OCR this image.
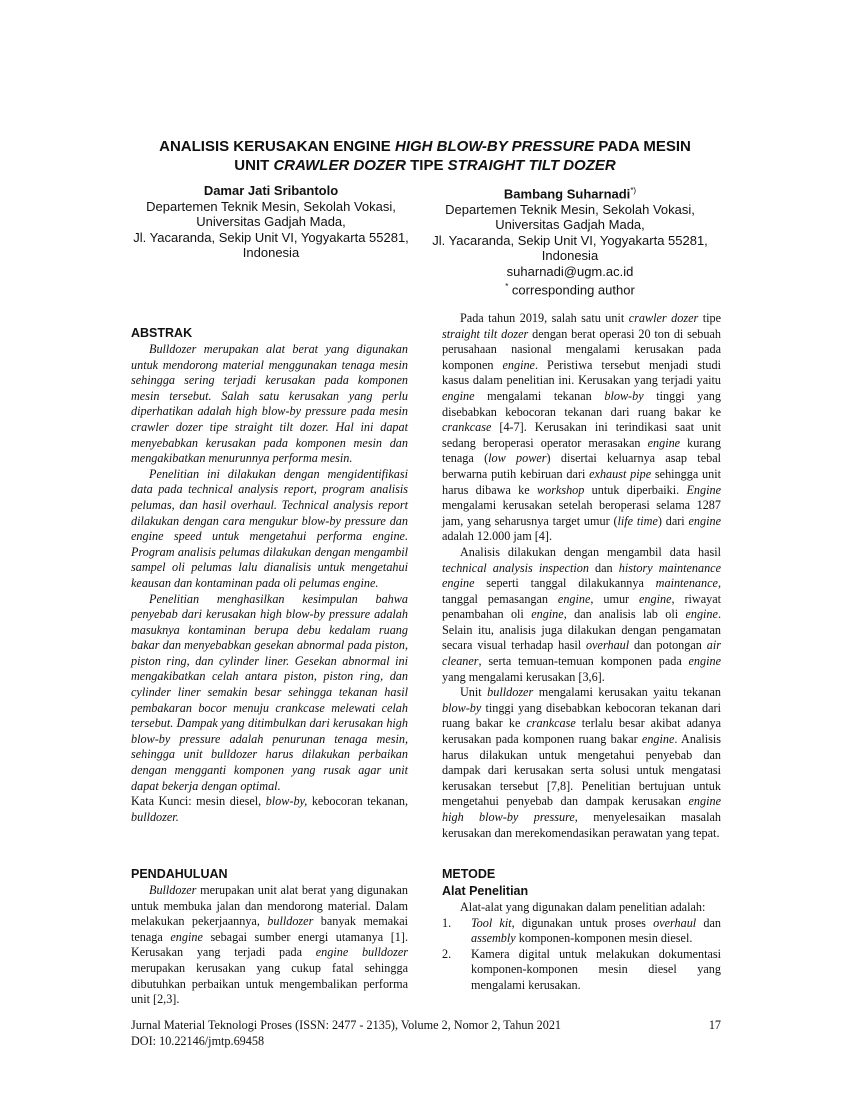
ANALISIS KERUSAKAN ENGINE HIGH BLOW-BY PRESSURE PADA MESIN
UNIT CRAWLER DOZER TIPE STRAIGHT TILT DOZER
Damar Jati Sribantolo
Departemen Teknik Mesin, Sekolah Vokasi,
Universitas Gadjah Mada,
Jl. Yacaranda, Sekip Unit VI, Yogyakarta 55281,
Indonesia
Bambang Suharnadi*)
Departemen Teknik Mesin, Sekolah Vokasi,
Universitas Gadjah Mada,
Jl. Yacaranda, Sekip Unit VI, Yogyakarta 55281,
Indonesia
suharnadi@ugm.ac.id
* corresponding author
ABSTRAK

Bulldozer merupakan alat berat yang digunakan untuk mendorong material menggunakan tenaga mesin sehingga sering terjadi kerusakan pada komponen mesin tersebut. Salah satu kerusakan yang perlu diperhatikan adalah high blow-by pressure pada mesin crawler dozer tipe straight tilt dozer. Hal ini dapat menyebabkan kerusakan pada komponen mesin dan mengakibatkan menurunnya performa mesin.

Penelitian ini dilakukan dengan mengidentifikasi data pada technical analysis report, program analisis pelumas, dan hasil overhaul. Technical analysis report dilakukan dengan cara mengukur blow-by pressure dan engine speed untuk mengetahui performa engine. Program analisis pelumas dilakukan dengan mengambil sampel oli pelumas lalu dianalisis untuk mengetahui keausan dan kontaminan pada oli pelumas engine.

Penelitian menghasilkan kesimpulan bahwa penyebab dari kerusakan high blow-by pressure adalah masuknya kontaminan berupa debu kedalam ruang bakar dan menyebabkan gesekan abnormal pada piston, piston ring, dan cylinder liner. Gesekan abnormal ini mengakibatkan celah antara piston, piston ring, dan cylinder liner semakin besar sehingga tekanan hasil pembakaran bocor menuju crankcase melewati celah tersebut. Dampak yang ditimbulkan dari kerusakan high blow-by pressure adalah penurunan tenaga mesin, sehingga unit bulldozer harus dilakukan perbaikan dengan mengganti komponen yang rusak agar unit dapat bekerja dengan optimal.

Kata Kunci: mesin diesel, blow-by, kebocoran tekanan, bulldozer.

PENDAHULUAN

Bulldozer merupakan unit alat berat yang digunakan untuk membuka jalan dan mendorong material. Dalam melakukan pekerjaannya, bulldozer banyak memakai tenaga engine sebagai sumber energi utamanya [1]. Kerusakan yang terjadi pada engine bulldozer merupakan kerusakan yang cukup fatal sehingga dibutuhkan perbaikan untuk mengembalikan performa unit [2,3].

Pada tahun 2019, salah satu unit crawler dozer tipe straight tilt dozer dengan berat operasi 20 ton di sebuah perusahaan nasional mengalami kerusakan pada komponen engine. Peristiwa tersebut menjadi studi kasus dalam penelitian ini. Kerusakan yang terjadi yaitu engine mengalami tekanan blow-by tinggi yang disebabkan kebocoran tekanan dari ruang bakar ke crankcase [4-7]. Kerusakan ini terindikasi saat unit sedang beroperasi operator merasakan engine kurang tenaga (low power) disertai keluarnya asap tebal berwarna putih kebiruan dari exhaust pipe sehingga unit harus dibawa ke workshop untuk diperbaiki. Engine mengalami kerusakan setelah beroperasi selama 1287 jam, yang seharusnya target umur (life time) dari engine adalah 12.000 jam [4].

Analisis dilakukan dengan mengambil data hasil technical analysis inspection dan history maintenance engine seperti tanggal dilakukannya maintenance, tanggal pemasangan engine, umur engine, riwayat penambahan oli engine, dan analisis lab oli engine. Selain itu, analisis juga dilakukan dengan pengamatan secara visual terhadap hasil overhaul dan potongan air cleaner, serta temuan-temuan komponen pada engine yang mengalami kerusakan [3,6].

Unit bulldozer mengalami kerusakan yaitu tekanan blow-by tinggi yang disebabkan kebocoran tekanan dari ruang bakar ke crankcase terlalu besar akibat adanya kerusakan pada komponen ruang bakar engine. Analisis harus dilakukan untuk mengetahui penyebab dan dampak dari kerusakan serta solusi untuk mengatasi kerusakan tersebut [7,8]. Penelitian bertujuan untuk mengetahui penyebab dan dampak kerusakan engine high blow-by pressure, menyelesaikan masalah kerusakan dan merekomendasikan perawatan yang tepat.

METODE
Alat Penelitian

Alat-alat yang digunakan dalam penelitian adalah:

1. Tool kit, digunakan untuk proses overhaul dan assembly komponen-komponen mesin diesel.
2. Kamera digital untuk melakukan dokumentasi komponen-komponen mesin diesel yang mengalami kerusakan.
Jurnal Material Teknologi Proses (ISSN: 2477 - 2135), Volume 2, Nomor 2, Tahun 2021
DOI: 10.22146/jmtp.69458
17
